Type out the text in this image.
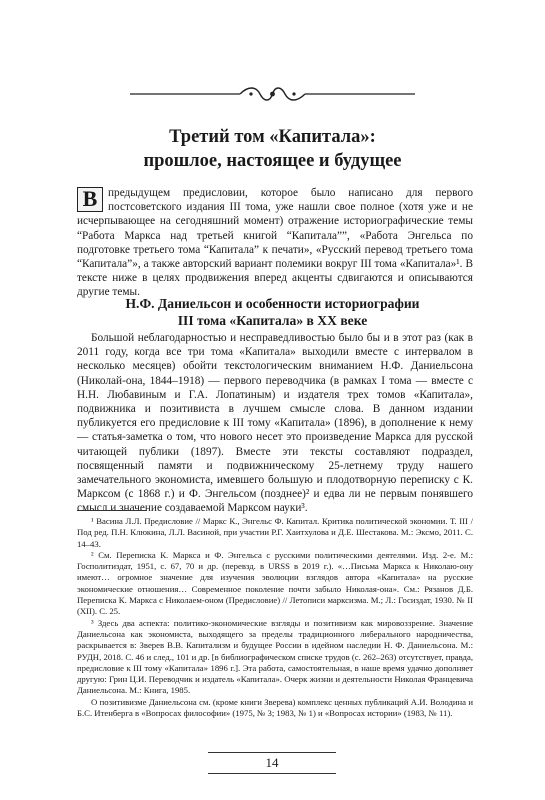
Третий том «Капитала»:
прошлое, настоящее и будущее
В предыдущем предисловии, которое было написано для первого постсоветского издания III тома, уже нашли свое полное (хотя уже и не исчерпывающее на сегодняшний момент) отражение историографические темы “Работа Маркса над третьей книгой “Капитала””, «Работа Энгельса по подготовке третьего тома “Капитала” к печати», «Русский перевод третьего тома “Капитала”», а также авторский вариант полемики вокруг III тома «Капитала»¹. В тексте ниже в целях продвижения вперед акценты сдвигаются и описываются другие темы.

Н.Ф. Даниельсон и особенности историографии
III тома «Капитала» в XX веке

Большой неблагодарностью и несправедливостью было бы и в этот раз (как в 2011 году, когда все три тома «Капитала» выходили вместе с интервалом в несколько месяцев) обойти текстологическим вниманием Н.Ф. Даниельсона (Николай-она, 1844–1918) — первого переводчика (в рамках I тома — вместе с Н.Н. Любавиным и Г.А. Лопатиным) и издателя трех томов «Капитала», подвижника и позитивиста в лучшем смысле слова. В данном издании публикуется его предисловие к III тому «Капитала» (1896), в дополнение к нему — статья-заметка о том, что нового несет это произведение Маркса для русской читающей публики (1897). Вместе эти тексты составляют подраздел, посвященный памяти и подвижническому 25-летнему труду нашего замечательного экономиста, имевшего большую и плодотворную переписку с К. Марксом (с 1868 г.) и Ф. Энгельсом (позднее)² и едва ли не первым понявшего смысл и значение создаваемой Марксом науки³.

¹ Васина Л.Л. Предисловие // Маркс К., Энгельс Ф. Капитал. Критика политической экономии. Т. III / Под ред. П.Н. Клюкина, Л.Л. Васиной, при участии Р.Г. Хаитхулова и Д.Е. Шестакова. М.: Эксмо, 2011. С. 14–43.

² См. Переписка К. Маркса и Ф. Энгельса с русскими политическими деятелями. Изд. 2-е. М.: Госполитиздат, 1951, с. 67, 70 и др. (перевзд. в URSS в 2019 г.). «…Письма Маркса к Николаю-ону имеют… огромное значение для изучения эволюции взглядов автора «Капитала» на русские экономические отношения… Современное поколение почти забыло Николая-она». См.: Рязанов Д.Б. Переписка К. Маркса с Николаем-оном (Предисловие) // Летописи марксизма. М.; Л.: Госиздат, 1930. № II (XII). С. 25.

³ Здесь два аспекта: политико-экономические взгляды и позитивизм как мировоззрение. Значение Даниельсона как экономиста, выходящего за пределы традиционного либерального народничества, раскрывается в: Зверев В.В. Капитализм и будущее России в идейном наследии Н. Ф. Даниельсона. М.: РУДН, 2018. С. 46 и след., 101 и др. [в библиографическом списке трудов (с. 262–263) отсутствует, правда, предисловие к III тому «Капитала» 1896 г.]. Эта работа, самостоятельная, в наше время удачно дополняет другую: Грин Ц.И. Переводчик и издатель «Капитала». Очерк жизни и деятельности Николая Францевича Даниельсона. М.: Книга, 1985.

О позитивизме Даниельсона см. (кроме книги Зверева) комплекс ценных публикаций А.И. Володина и Б.С. Итенберга в «Вопросах философии» (1975, № 3; 1983, № 1) и «Вопросах истории» (1983, № 11).

14
